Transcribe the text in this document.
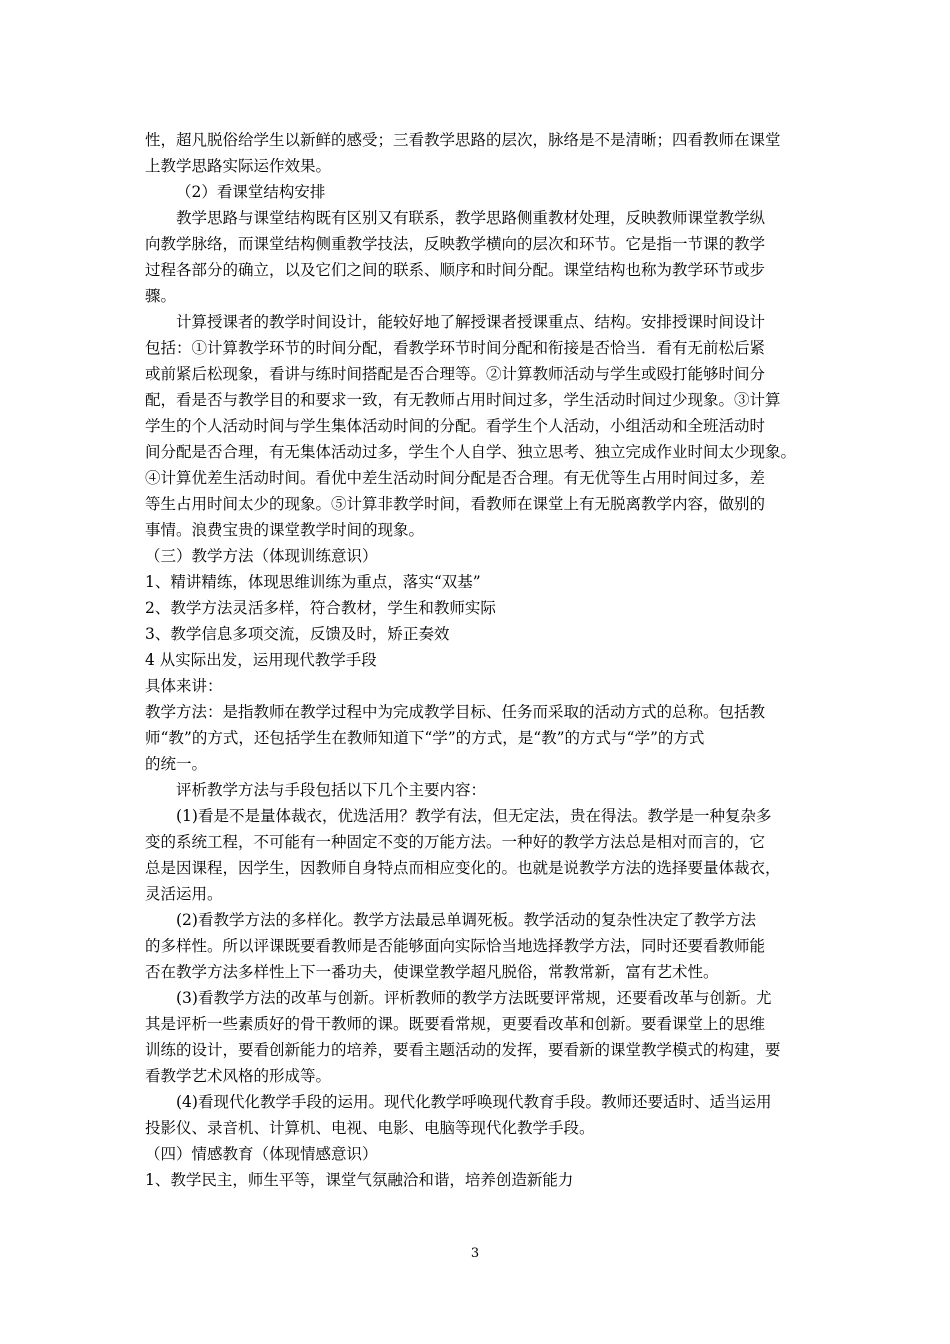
性，超凡脱俗给学生以新鲜的感受；三看教学思路的层次，脉络是不是清晰；四看教师在课堂
上教学思路实际运作效果。
（2）看课堂结构安排
教学思路与课堂结构既有区别又有联系，教学思路侧重教材处理，反映教师课堂教学纵
向教学脉络，而课堂结构侧重教学技法，反映教学横向的层次和环节。它是指一节课的教学
过程各部分的确立，以及它们之间的联系、顺序和时间分配。课堂结构也称为教学环节或步
骤。
计算授课者的教学时间设计，能较好地了解授课者授课重点、结构。安排授课时间设计
包括：①计算教学环节的时间分配，看教学环节时间分配和衔接是否恰当．看有无前松后紧
或前紧后松现象，看讲与练时间搭配是否合理等。②计算教师活动与学生或殴打能够时间分
配，看是否与教学目的和要求一致，有无教师占用时间过多，学生活动时间过少现象。③计算
学生的个人活动时间与学生集体活动时间的分配。看学生个人活动，小组活动和全班活动时
间分配是否合理，有无集体活动过多，学生个人自学、独立思考、独立完成作业时间太少现象。
④计算优差生活动时间。看优中差生活动时间分配是否合理。有无优等生占用时间过多，差
等生占用时间太少的现象。⑤计算非教学时间，看教师在课堂上有无脱离教学内容，做别的
事情。浪费宝贵的课堂教学时间的现象。
（三）教学方法（体现训练意识）
1、精讲精练，体现思维训练为重点，落实“双基”
2、教学方法灵活多样，符合教材，学生和教师实际
3、教学信息多项交流，反馈及时，矫正奏效
4 从实际出发，运用现代教学手段
具体来讲：
教学方法：是指教师在教学过程中为完成教学目标、任务而采取的活动方式的总称。包括教
师“教”的方式，还包括学生在教师知道下“学”的方式，是“教”的方式与“学”的方式
的统一。
评析教学方法与手段包括以下几个主要内容：
(1)看是不是量体裁衣，优选活用？教学有法，但无定法，贵在得法。教学是一种复杂多
变的系统工程，不可能有一种固定不变的万能方法。一种好的教学方法总是相对而言的，它
总是因课程，因学生，因教师自身特点而相应变化的。也就是说教学方法的选择要量体裁衣，
灵活运用。
(2)看教学方法的多样化。教学方法最忌单调死板。教学活动的复杂性决定了教学方法
的多样性。所以评课既要看教师是否能够面向实际恰当地选择教学方法，同时还要看教师能
否在教学方法多样性上下一番功夫，使课堂教学超凡脱俗，常教常新，富有艺术性。
(3)看教学方法的改革与创新。评析教师的教学方法既要评常规，还要看改革与创新。尤
其是评析一些素质好的骨干教师的课。既要看常规，更要看改革和创新。要看课堂上的思维
训练的设计，要看创新能力的培养，要看主题活动的发挥，要看新的课堂教学模式的构建，要
看教学艺术风格的形成等。
(4)看现代化教学手段的运用。现代化教学呼唤现代教育手段。教师还要适时、适当运用
投影仪、录音机、计算机、电视、电影、电脑等现代化教学手段。
（四）情感教育（体现情感意识）
1、教学民主，师生平等，课堂气氛融洽和谐，培养创造新能力
3
